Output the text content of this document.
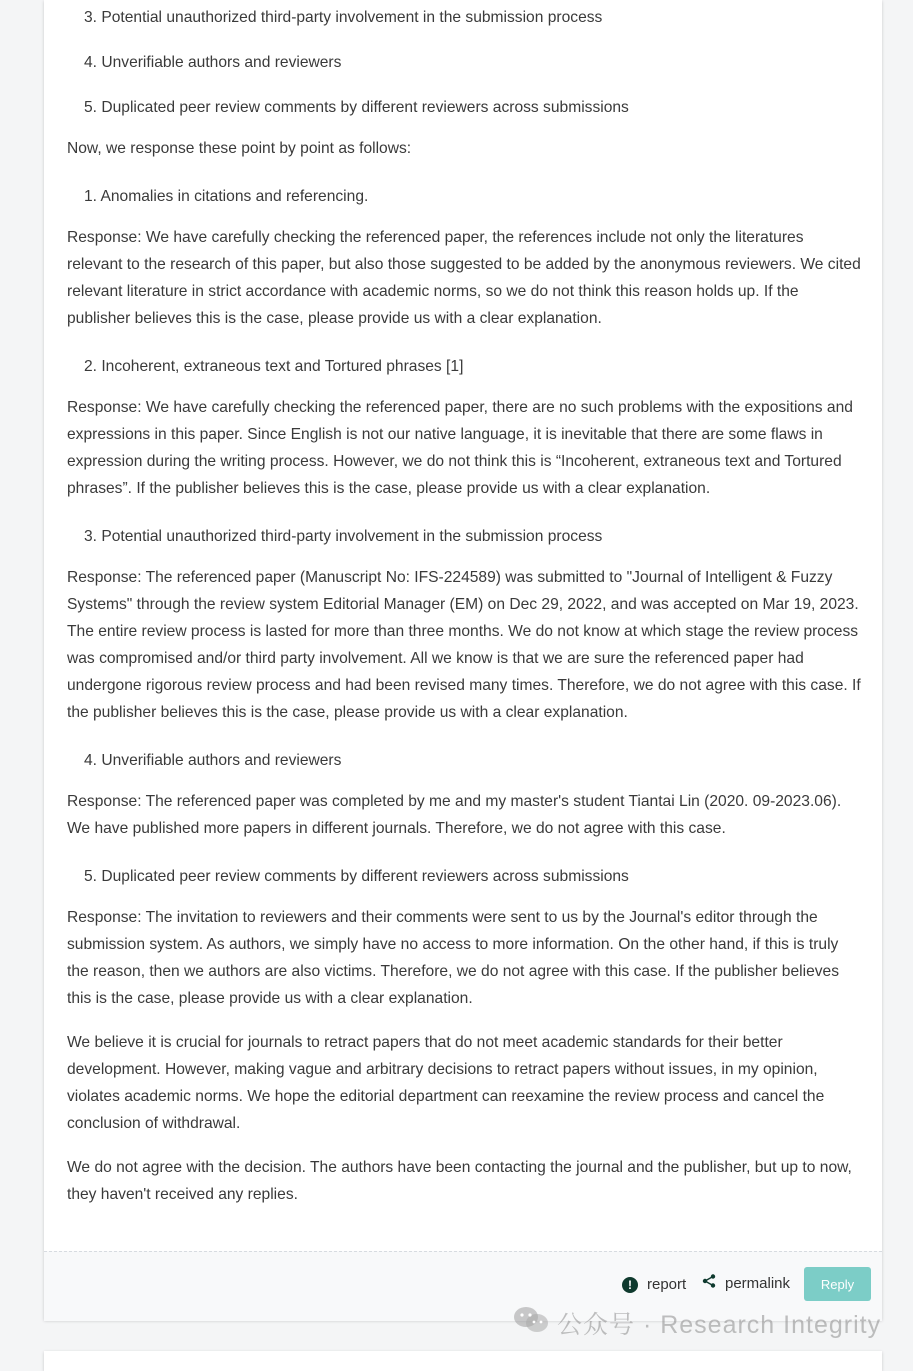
3. Potential unauthorized third-party involvement in the submission process

4. Unverifiable authors and reviewers

5. Duplicated peer review comments by different reviewers across submissions

Now, we response these point by point as follows:

1. Anomalies in citations and referencing.

Response: We have carefully checking the referenced paper, the references include not only the literatures relevant to the research of this paper, but also those suggested to be added by the anonymous reviewers. We cited relevant literature in strict accordance with academic norms, so we do not think this reason holds up. If the publisher believes this is the case, please provide us with a clear explanation.

2. Incoherent, extraneous text and Tortured phrases [1]

Response: We have carefully checking the referenced paper, there are no such problems with the expositions and expressions in this paper. Since English is not our native language, it is inevitable that there are some flaws in expression during the writing process. However, we do not think this is “Incoherent, extraneous text and Tortured phrases”. If the publisher believes this is the case, please provide us with a clear explanation.

3. Potential unauthorized third-party involvement in the submission process

Response: The referenced paper (Manuscript No: IFS-224589) was submitted to "Journal of Intelligent & Fuzzy Systems" through the review system Editorial Manager (EM) on Dec 29, 2022, and was accepted on Mar 19, 2023. The entire review process is lasted for more than three months. We do not know at which stage the review process was compromised and/or third party involvement. All we know is that we are sure the referenced paper had undergone rigorous review process and had been revised many times. Therefore, we do not agree with this case. If the publisher believes this is the case, please provide us with a clear explanation.

4. Unverifiable authors and reviewers

Response: The referenced paper was completed by me and my master's student Tiantai Lin (2020. 09-2023.06). We have published more papers in different journals. Therefore, we do not agree with this case.

5. Duplicated peer review comments by different reviewers across submissions

Response: The invitation to reviewers and their comments were sent to us by the Journal's editor through the submission system. As authors, we simply have no access to more information. On the other hand, if this is truly the reason, then we authors are also victims. Therefore, we do not agree with this case. If the publisher believes this is the case, please provide us with a clear explanation.

We believe it is crucial for journals to retract papers that do not meet academic standards for their better development. However, making vague and arbitrary decisions to retract papers without issues, in my opinion, violates academic norms. We hope the editorial department can reexamine the review process and cancel the conclusion of withdrawal.

We do not agree with the decision. The authors have been contacting the journal and the publisher, but up to now, they haven't received any replies.

!	report	permalink	Reply
公众号 · Research Integrity
